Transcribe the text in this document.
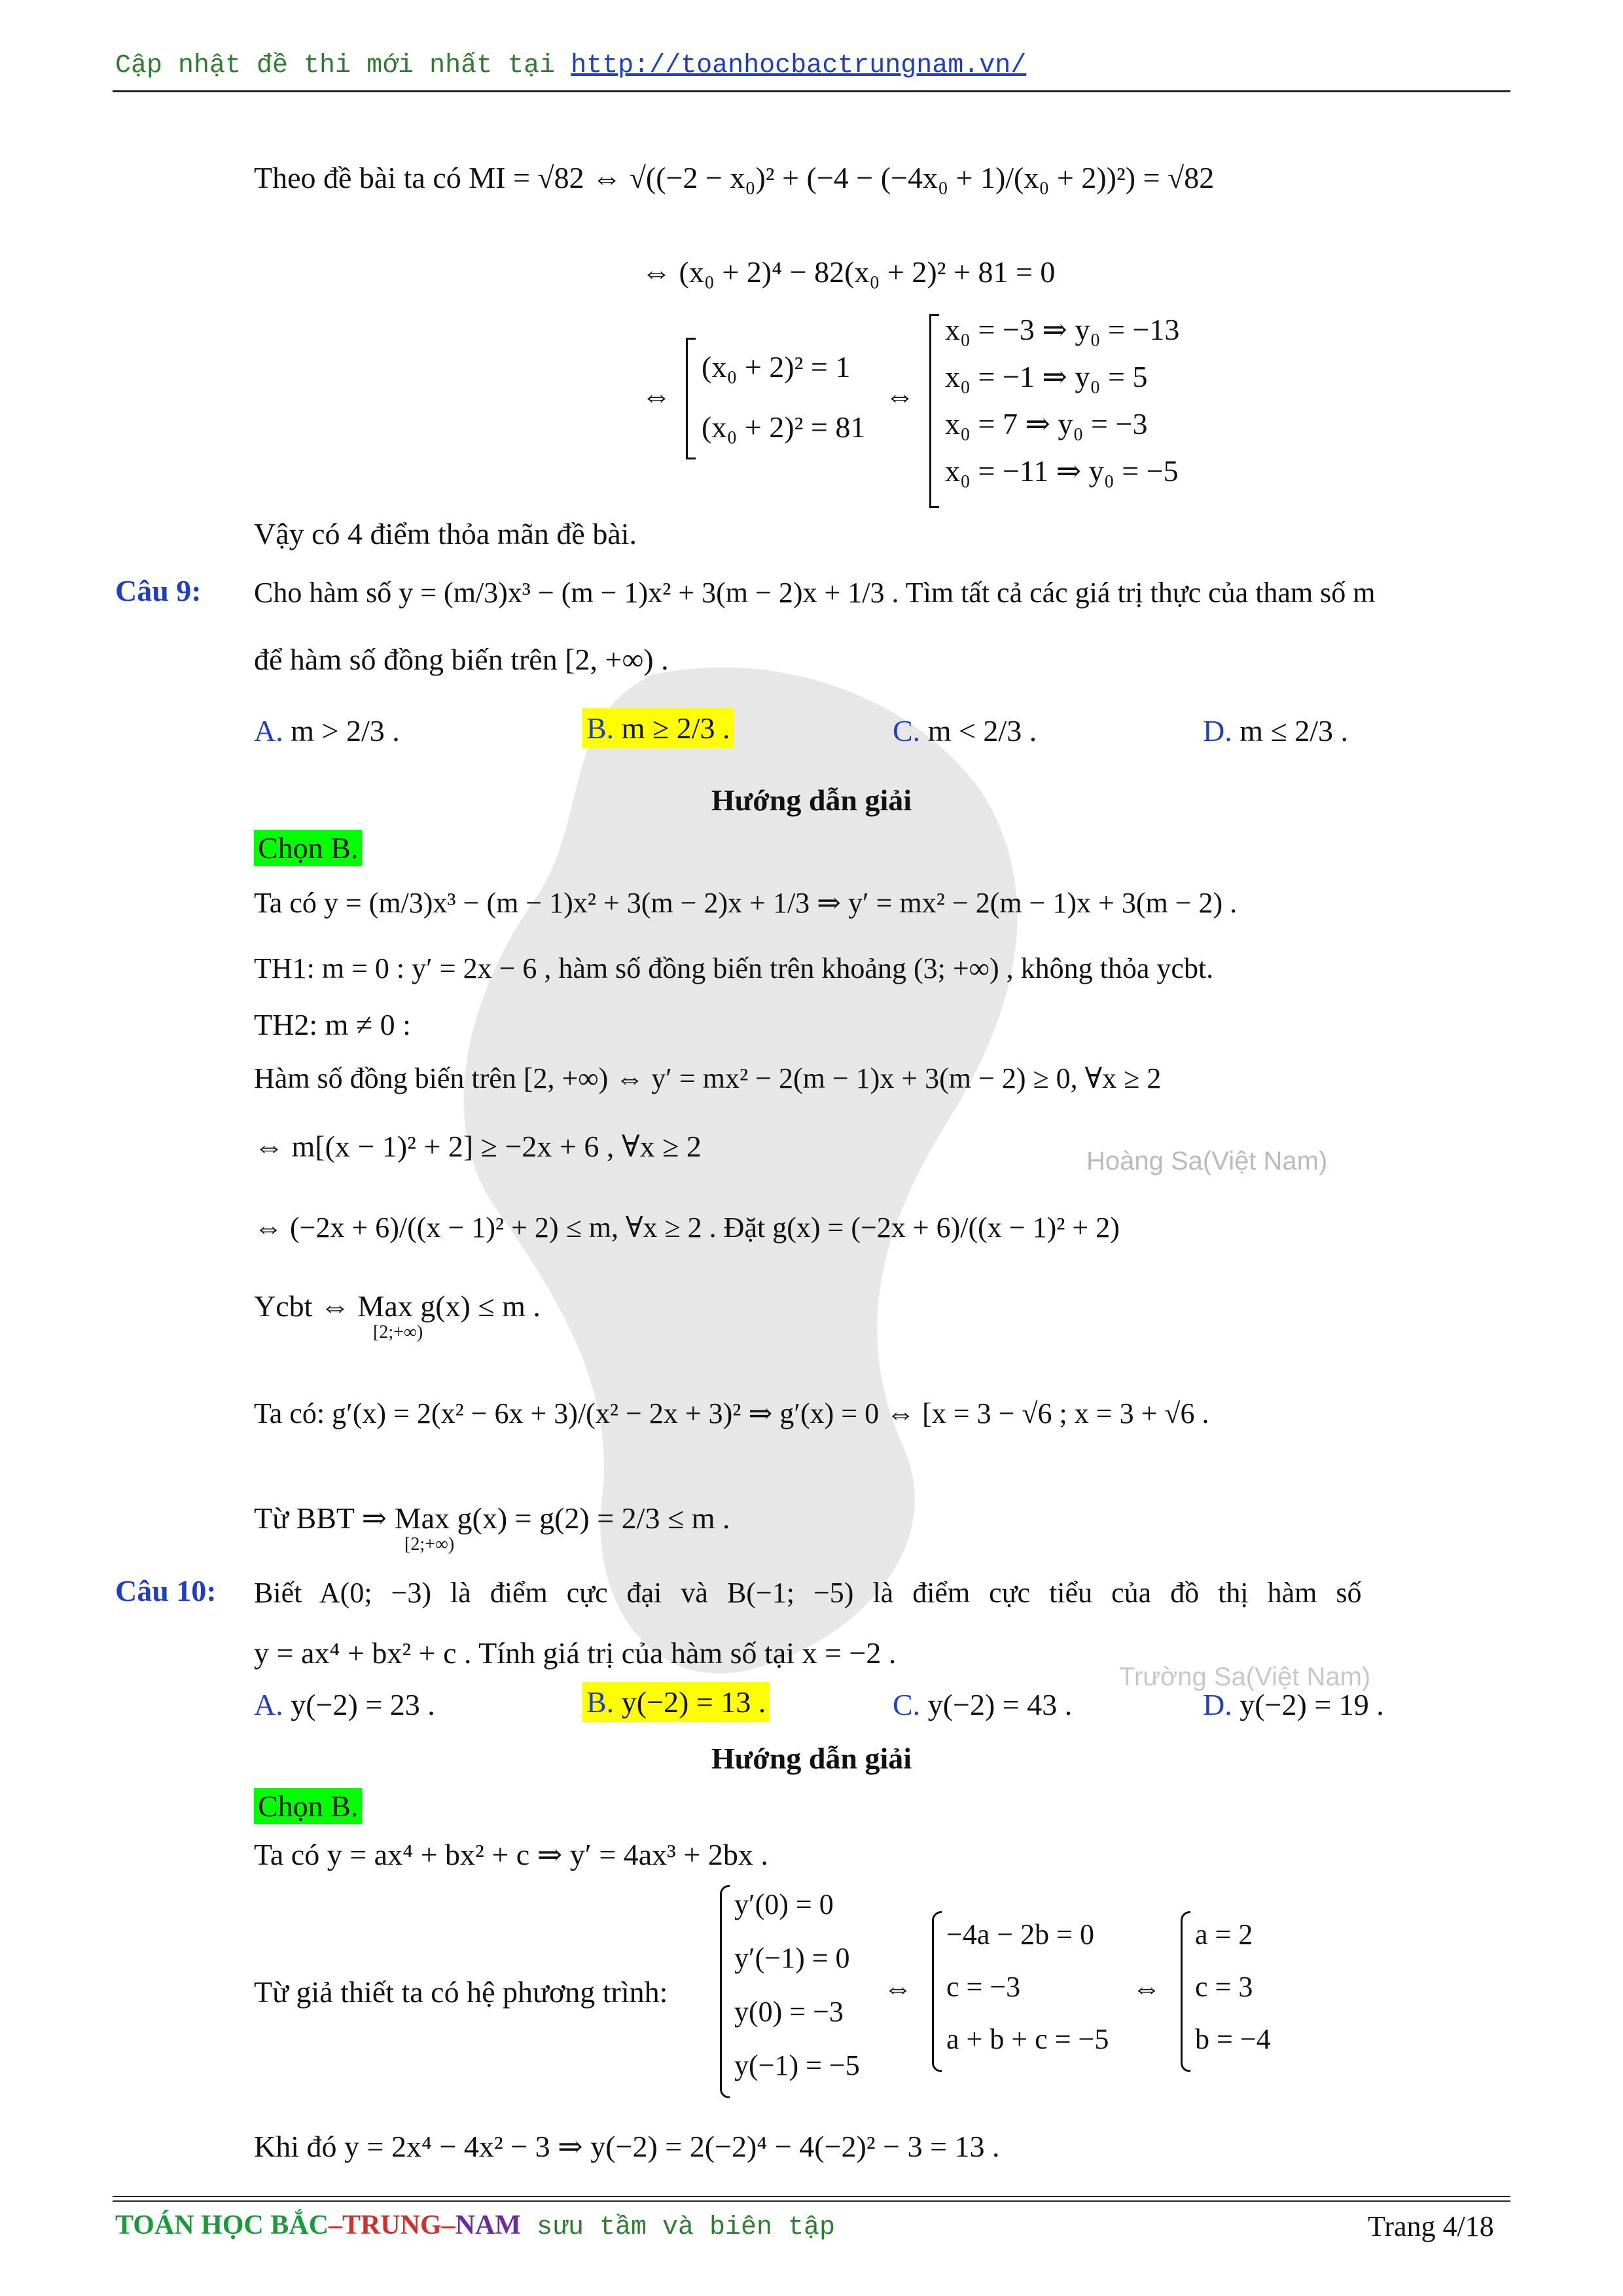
Hoàng Sa(Việt Nam)
Trường Sa(Việt Nam)
Cập nhật đề thi mới nhất tại http://toanhocbactrungnam.vn/
Theo đề bài ta có MI = √82 ⇔ √((−2 − x₀)² + (−4 − (−4x₀ + 1)/(x₀ + 2))²) = √82
⇔ (x₀ + 2)⁴ − 82(x₀ + 2)² + 81 = 0
⇔
(x₀ + 2)² = 1
(x₀ + 2)² = 81
⇔
x₀ = −3 ⇒ y₀ = −13
x₀ = −1 ⇒ y₀ = 5
x₀ = 7 ⇒ y₀ = −3
x₀ = −11 ⇒ y₀ = −5
Vậy có 4 điểm thỏa mãn đề bài.
Câu 9: Cho hàm số y = (m/3)x³ − (m − 1)x² + 3(m − 2)x + 1/3 . Tìm tất cả các giá trị thực của tham số m
để hàm số đồng biến trên [2, +∞) .
A. m > 2/3 .	B. m ≥ 2/3 .	C. m < 2/3 .	D. m ≤ 2/3 .
Hướng dẫn giải
Chọn B.
Ta có y = (m/3)x³ − (m − 1)x² + 3(m − 2)x + 1/3 ⇒ y′ = mx² − 2(m − 1)x + 3(m − 2) .
TH1: m = 0 : y′ = 2x − 6 , hàm số đồng biến trên khoảng (3; +∞) , không thỏa ycbt.
TH2: m ≠ 0 :
Hàm số đồng biến trên [2, +∞) ⇔ y′ = mx² − 2(m − 1)x + 3(m − 2) ≥ 0, ∀x ≥ 2
⇔ m[(x − 1)² + 2] ≥ −2x + 6 , ∀x ≥ 2
⇔ (−2x + 6)/((x − 1)² + 2) ≤ m, ∀x ≥ 2 . Đặt g(x) = (−2x + 6)/((x − 1)² + 2)
Ycbt ⇔ Max g(x) ≤ m .
[2;+∞)
Ta có: g′(x) = 2(x² − 6x + 3)/(x² − 2x + 3)² ⇒ g′(x) = 0 ⇔ [x = 3 − √6 ; x = 3 + √6 .
Từ BBT ⇒ Max g(x) = g(2) = 2/3 ≤ m .
[2;+∞)
Câu 10: Biết A(0; −3) là điểm cực đại và B(−1; −5) là điểm cực tiểu của đồ thị hàm số
y = ax⁴ + bx² + c . Tính giá trị của hàm số tại x = −2 .
A. y(−2) = 23 .	B. y(−2) = 13 .	C. y(−2) = 43 .	D. y(−2) = 19 .
Hướng dẫn giải
Chọn B.
Ta có y = ax⁴ + bx² + c ⇒ y′ = 4ax³ + 2bx .
Từ giả thiết ta có hệ phương trình:
y′(0) = 0
y′(−1) = 0
y(0) = −3
y(−1) = −5
⇔
−4a − 2b = 0
c = −3
a + b + c = −5
⇔
a = 2
c = 3
b = −4
Khi đó y = 2x⁴ − 4x² − 3 ⇒ y(−2) = 2(−2)⁴ − 4(−2)² − 3 = 13 .
TOÁN HỌC BẮC–TRUNG–NAM sưu tầm và biên tập	Trang 4/18
